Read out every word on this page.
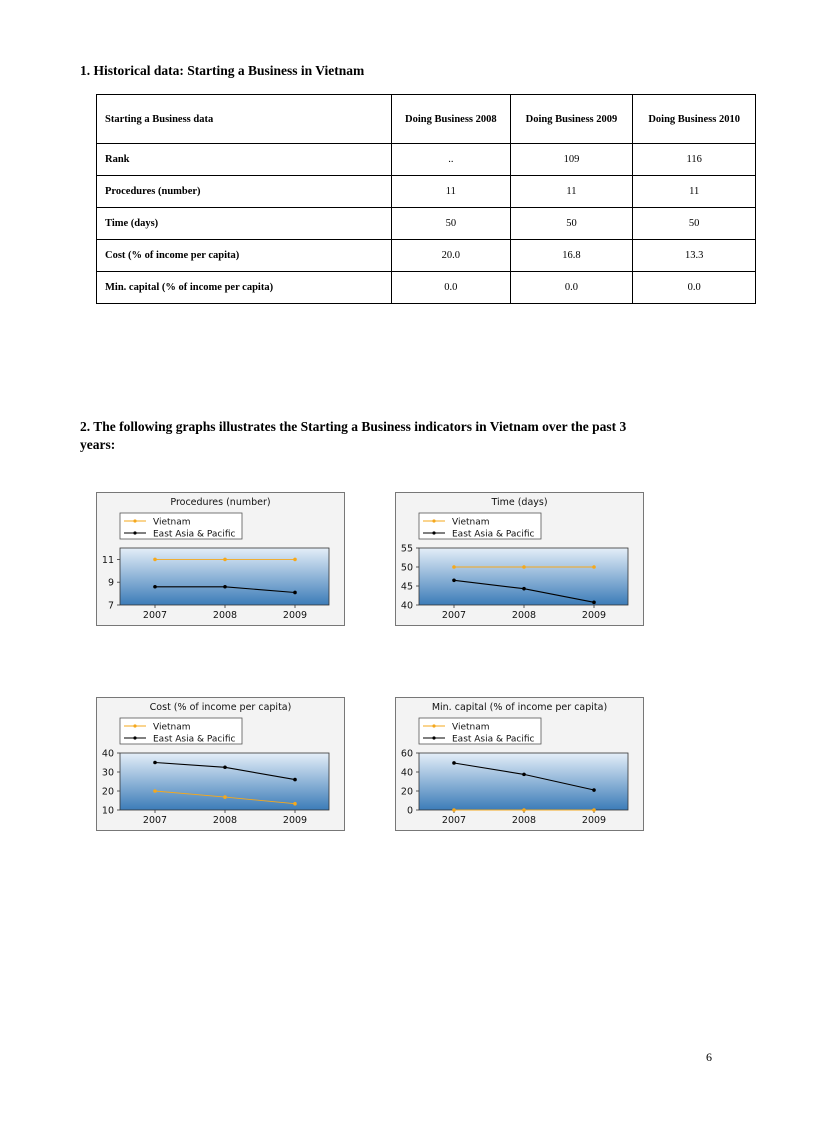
1. Historical data: Starting a Business in Vietnam
Starting a Business data	Doing Business 2008	Doing Business 2009	Doing Business 2010
Rank	..	109	116
Procedures (number)	11	11	11
Time (days)	50	50	50
Cost (% of income per capita)	20.0	16.8	13.3
Min. capital (% of income per capita)	0.0	0.0	0.0
2. The following graphs illustrates the Starting a Business indicators in Vietnam over the past 3 years:
Procedures (number)
Vietnam
East Asia & Pacific
7
9
11
2007	2008	2009
Time (days)
Vietnam
East Asia & Pacific
40
45
50
55
2007	2008	2009
Cost (% of income per capita)
Vietnam
East Asia & Pacific
10
20
30
40
2007	2008	2009
Min. capital (% of income per capita)
Vietnam
East Asia & Pacific
0
20
40
60
2007	2008	2009
6
